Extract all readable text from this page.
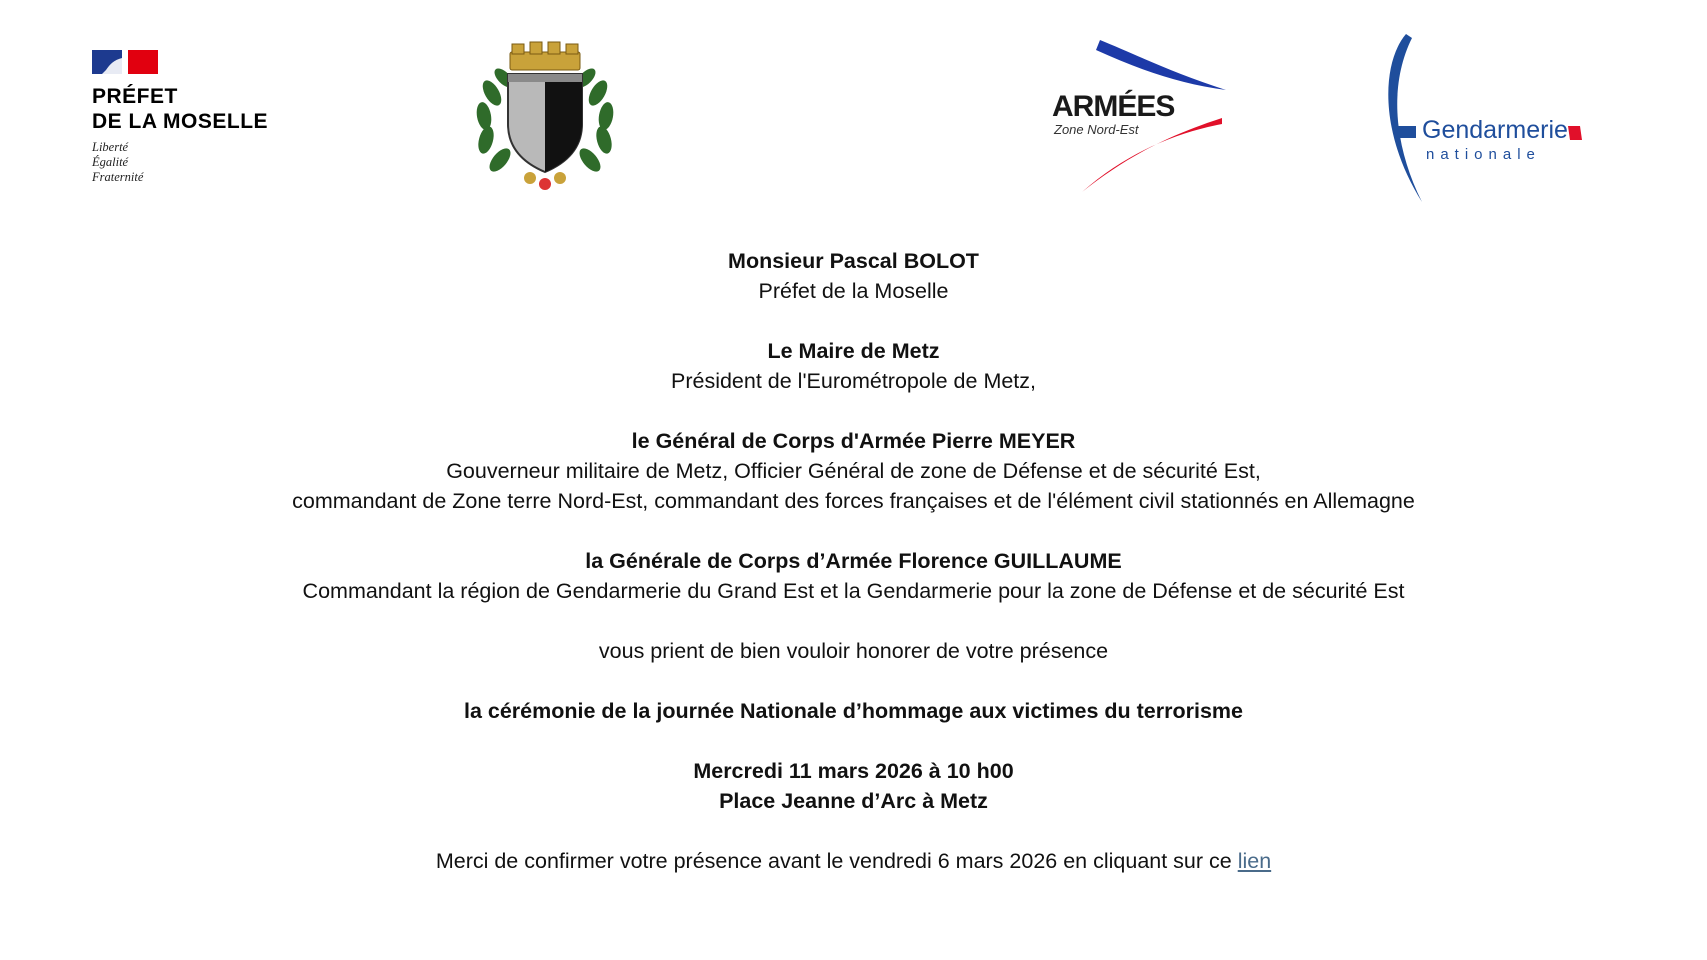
PRÉFET
DE LA MOSELLE
Liberté
Égalité
Fraternité
ARMÉES
Zone Nord-Est	Gendarmerie
nationale

Monsieur Pascal BOLOT

Préfet de la Moselle

Le Maire de Metz

Président de l'Eurométropole de Metz,

le Général de Corps d'Armée Pierre MEYER

Gouverneur militaire de Metz, Officier Général de zone de Défense et de sécurité Est,

commandant de Zone terre Nord-Est, commandant des forces françaises et de l'élément civil stationnés en Allemagne

la Générale de Corps d’Armée Florence GUILLAUME

Commandant la région de Gendarmerie du Grand Est et la Gendarmerie pour la zone de Défense et de sécurité Est

vous prient de bien vouloir honorer de votre présence

la cérémonie de la journée Nationale d’hommage aux victimes du terrorisme

Mercredi 11 mars 2026 à 10 h00

Place Jeanne d’Arc à Metz

Merci de confirmer votre présence avant le vendredi 6 mars 2026 en cliquant sur ce lien
